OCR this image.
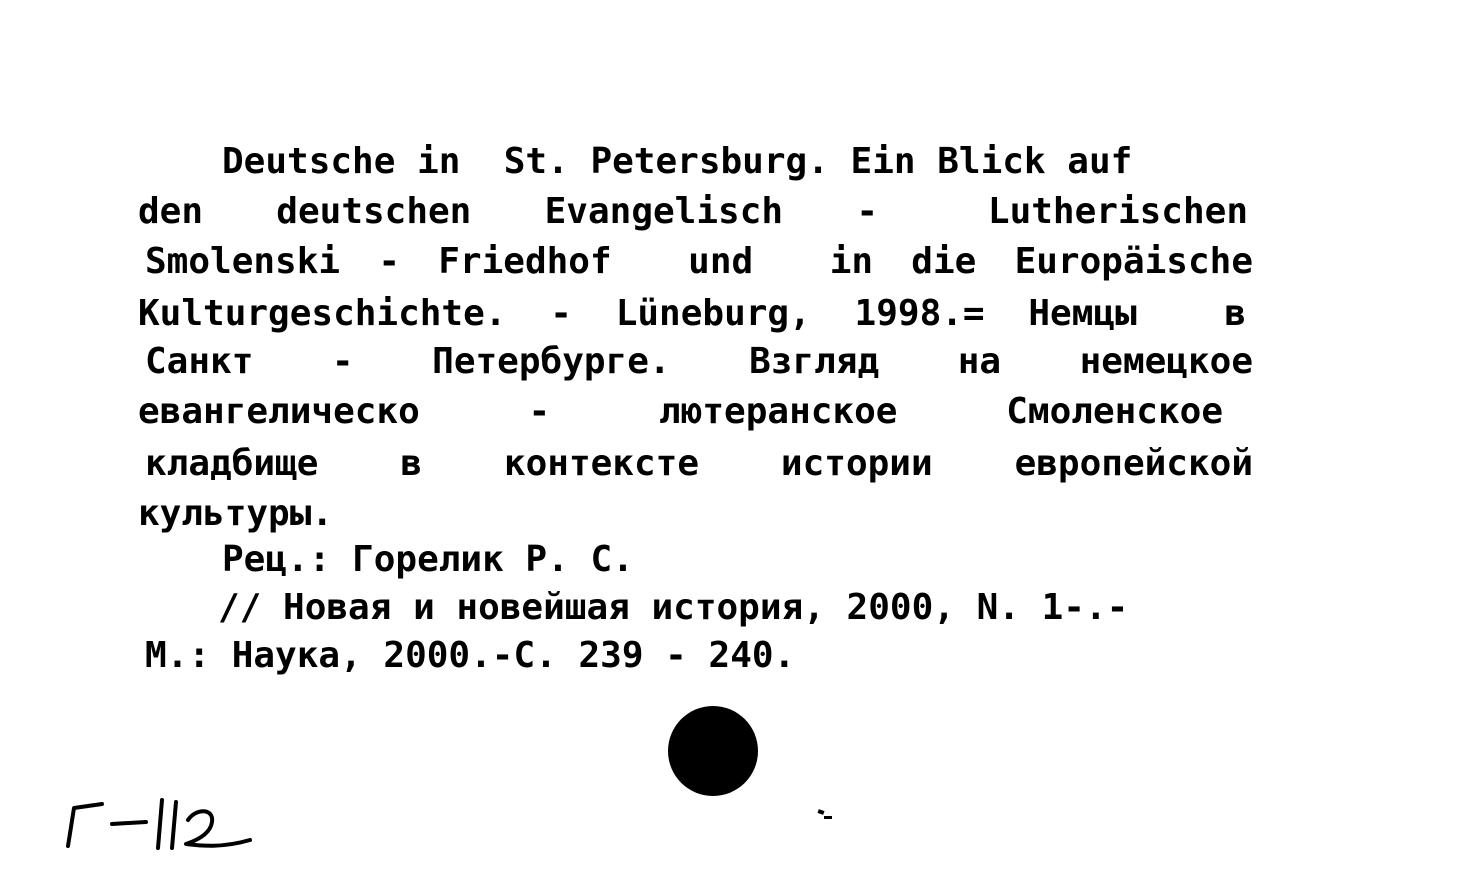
Deutsche in  St. Petersburg. Ein Blick auf
den  deutschen  Evangelisch  -   Lutherischen
Smolenski - Friedhof  und  in die Europäische
Kulturgeschichte. - Lüneburg, 1998.= Немцы  в
Санкт  -  Петербурге.  Взгляд  на  немецкое
евангелическо  -  лютеранское  Смоленское
кладбище  в  контексте  истории  европейской
культуры.
Рец.: Горелик Р. С.
// Новая и новейшая история, 2000, N. 1-.-
М.: Наука, 2000.-С. 239 - 240.
